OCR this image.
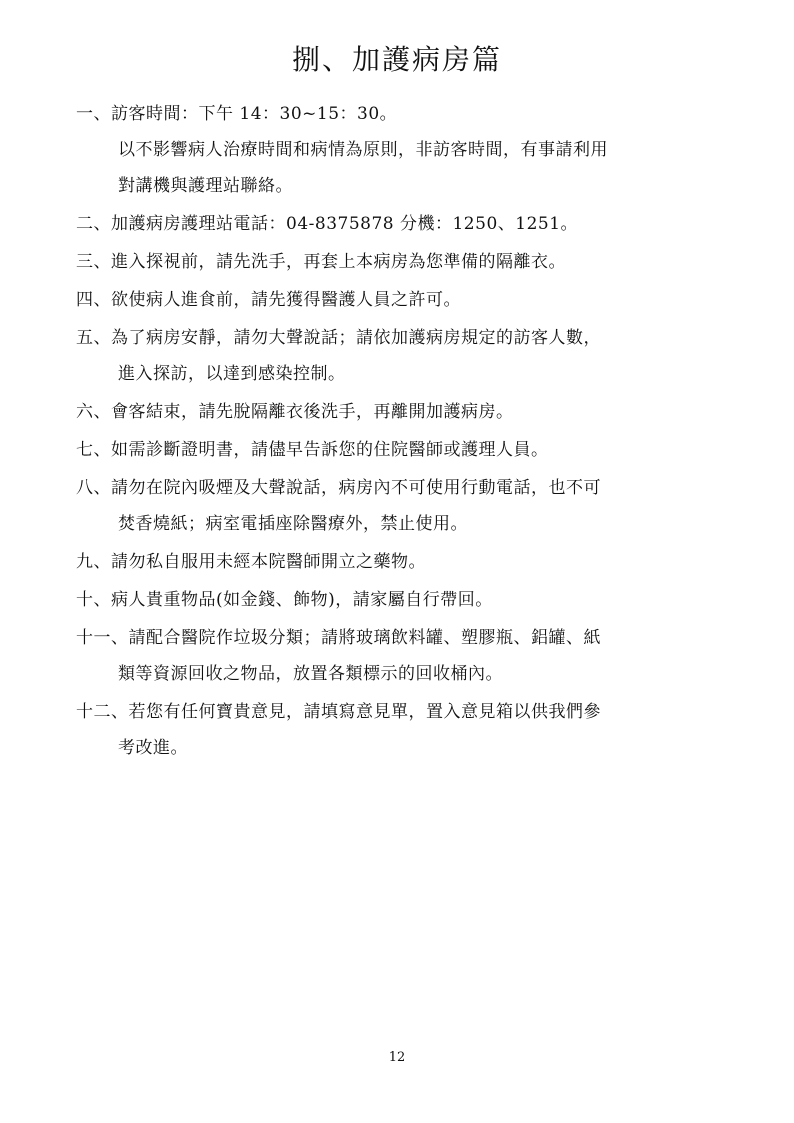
捌、加護病房篇
一、訪客時間：下午 14：30~15：30。
以不影響病人治療時間和病情為原則，非訪客時間，有事請利用
對講機與護理站聯絡。
二、加護病房護理站電話：04-8375878 分機：1250、1251。
三、進入探視前，請先洗手，再套上本病房為您準備的隔離衣。
四、欲使病人進食前，請先獲得醫護人員之許可。
五、為了病房安靜，請勿大聲說話；請依加護病房規定的訪客人數，
進入探訪，以達到感染控制。
六、會客結束，請先脫隔離衣後洗手，再離開加護病房。
七、如需診斷證明書，請儘早告訴您的住院醫師或護理人員。
八、請勿在院內吸煙及大聲說話，病房內不可使用行動電話，也不可
焚香燒紙；病室電插座除醫療外，禁止使用。
九、請勿私自服用未經本院醫師開立之藥物。
十、病人貴重物品(如金錢、飾物)，請家屬自行帶回。
十一、請配合醫院作垃圾分類；請將玻璃飲料罐、塑膠瓶、鋁罐、紙
類等資源回收之物品，放置各類標示的回收桶內。
十二、若您有任何寶貴意見，請填寫意見單，置入意見箱以供我們參
考改進。
12
